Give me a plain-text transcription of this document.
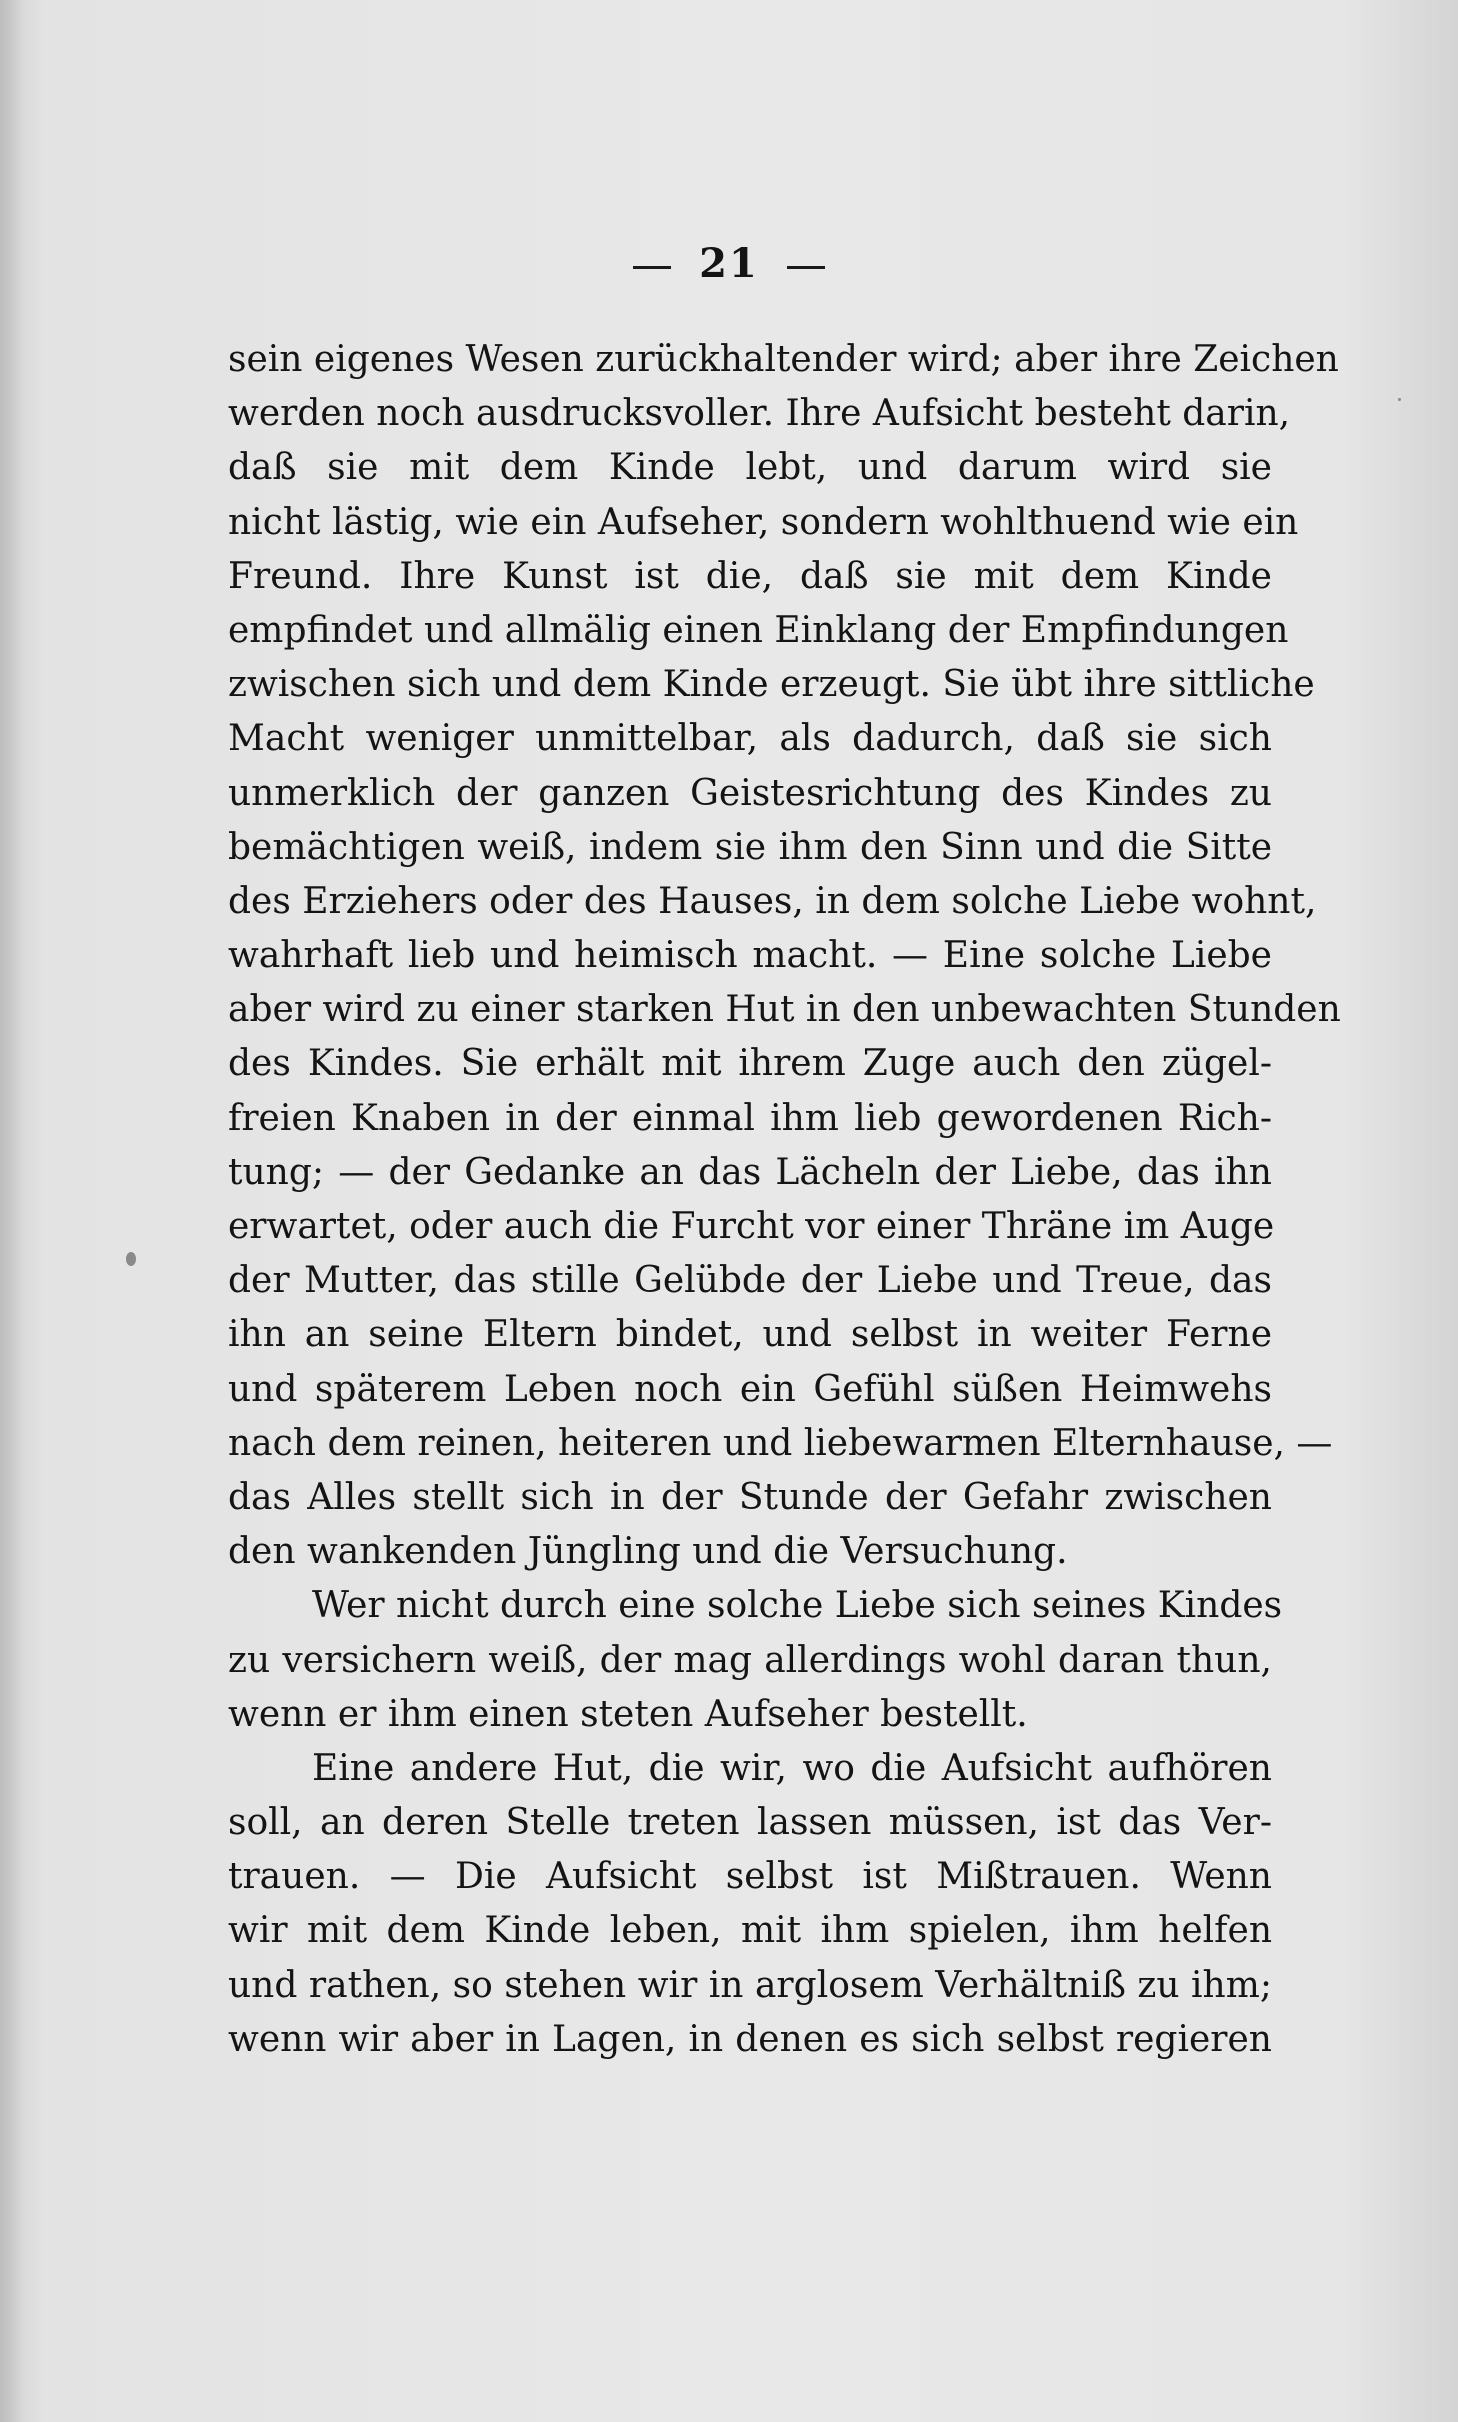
21
sein eigenes Wesen zurückhaltender wird; aber ihre Zeichen
werden noch ausdrucksvoller. Ihre Aufsicht besteht darin,
daß sie mit dem Kinde lebt, und darum wird sie
nicht lästig, wie ein Aufseher, sondern wohlthuend wie ein
Freund. Ihre Kunst ist die, daß sie mit dem Kinde
empfindet und allmälig einen Einklang der Empfindungen
zwischen sich und dem Kinde erzeugt. Sie übt ihre sittliche
Macht weniger unmittelbar, als dadurch, daß sie sich
unmerklich der ganzen Geistesrichtung des Kindes zu
bemächtigen weiß, indem sie ihm den Sinn und die Sitte
des Erziehers oder des Hauses, in dem solche Liebe wohnt,
wahrhaft lieb und heimisch macht. — Eine solche Liebe
aber wird zu einer starken Hut in den unbewachten Stunden
des Kindes. Sie erhält mit ihrem Zuge auch den zügel-
freien Knaben in der einmal ihm lieb gewordenen Rich-
tung; — der Gedanke an das Lächeln der Liebe, das ihn
erwartet, oder auch die Furcht vor einer Thräne im Auge
der Mutter, das stille Gelübde der Liebe und Treue, das
ihn an seine Eltern bindet, und selbst in weiter Ferne
und späterem Leben noch ein Gefühl süßen Heimwehs
nach dem reinen, heiteren und liebewarmen Elternhause, —
das Alles stellt sich in der Stunde der Gefahr zwischen
den wankenden Jüngling und die Versuchung.
Wer nicht durch eine solche Liebe sich seines Kindes
zu versichern weiß, der mag allerdings wohl daran thun,
wenn er ihm einen steten Aufseher bestellt.
Eine andere Hut, die wir, wo die Aufsicht aufhören
soll, an deren Stelle treten lassen müssen, ist das Ver-
trauen. — Die Aufsicht selbst ist Mißtrauen. Wenn
wir mit dem Kinde leben, mit ihm spielen, ihm helfen
und rathen, so stehen wir in arglosem Verhältniß zu ihm;
wenn wir aber in Lagen, in denen es sich selbst regieren
